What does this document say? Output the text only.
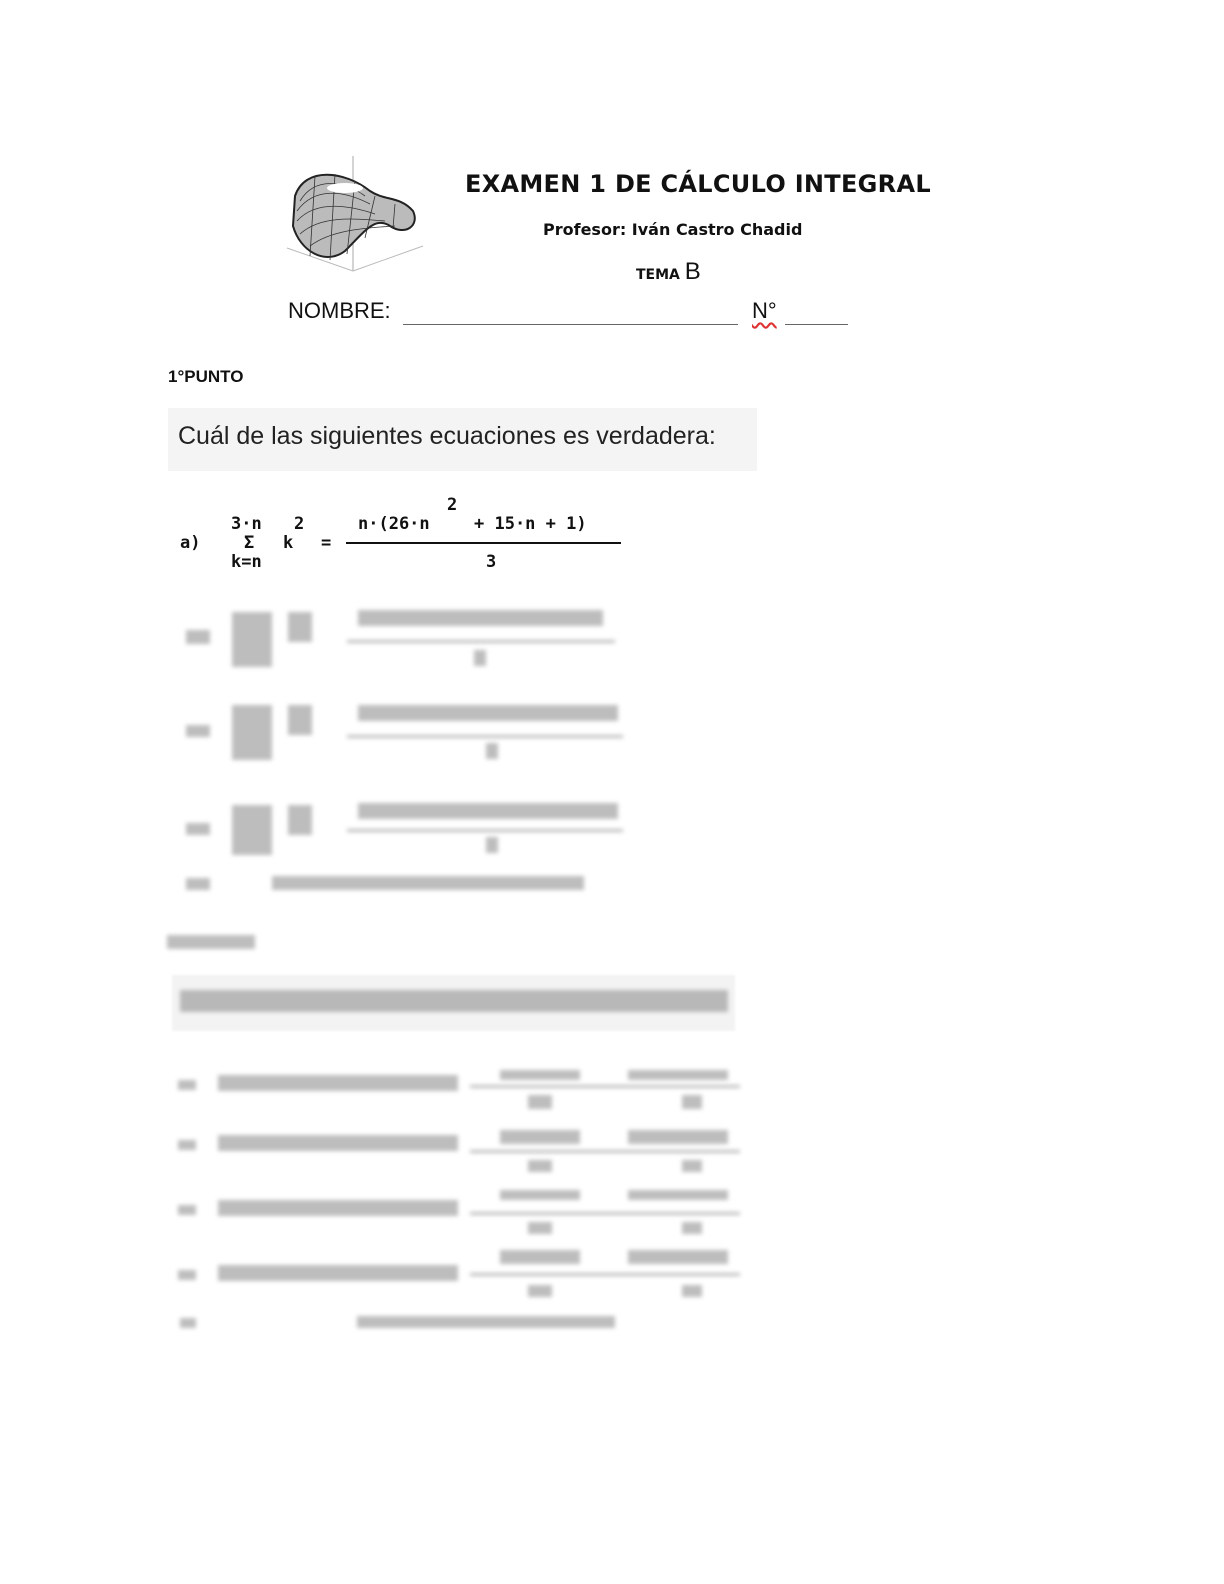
EXAMEN 1 DE CÁLCULO INTEGRAL
Profesor: Iván Castro Chadid
TEMA B
NOMBRE:	N°
1°PUNTO
Cuál de las siguientes ecuaciones es verdadera:
a)
3·n
Σ
k=n
k
2
=
n·(26·n
2
+ 15·n + 1)
3
